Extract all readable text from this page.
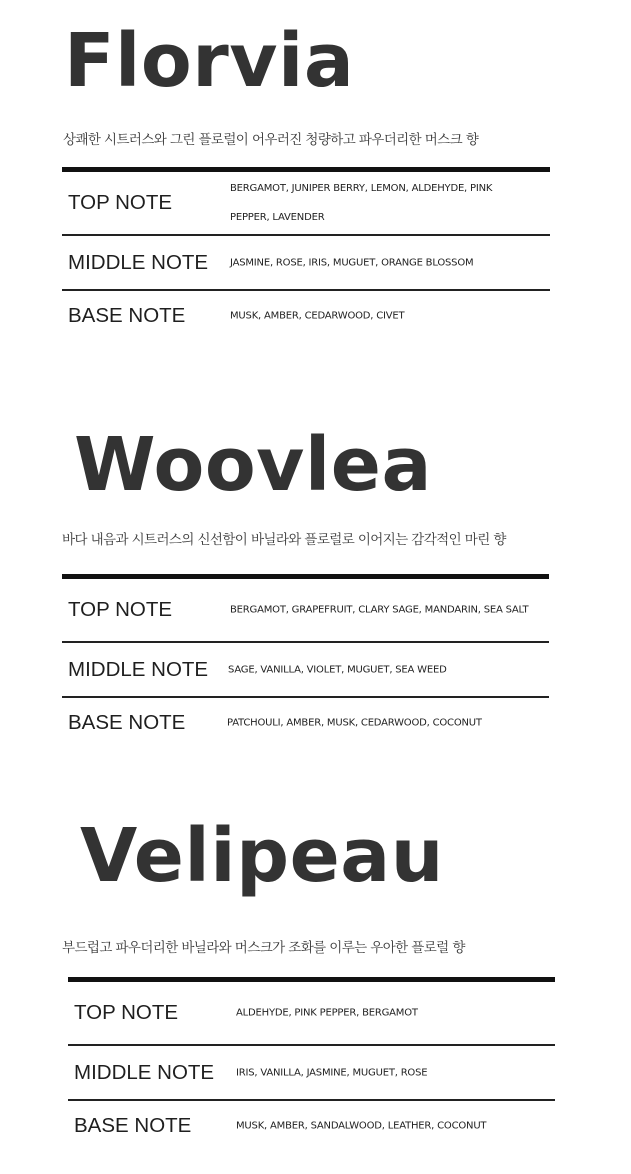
Florvia

상쾌한 시트러스와 그린 플로럴이 어우러진 청량하고 파우더리한 머스크 향

TOP NOTE
BERGAMOT, JUNIPER BERRY, LEMON, ALDEHYDE, PINK PEPPER, LAVENDER
MIDDLE NOTE JASMINE, ROSE, IRIS, MUGUET, ORANGE BLOSSOM
BASE NOTE	MUSK, AMBER, CEDARWOOD, CIVET
Woovlea

바다 내음과 시트러스의 신선함이 바닐라와 플로럴로 이어지는 감각적인 마린 향

TOP NOTE	BERGAMOT, GRAPEFRUIT, CLARY SAGE, MANDARIN, SEA SALT
MIDDLE NOTE SAGE, VANILLA, VIOLET, MUGUET, SEA WEED
BASE NOTE	PATCHOULI, AMBER, MUSK, CEDARWOOD, COCONUT
Velipeau

부드럽고 파우더리한 바닐라와 머스크가 조화를 이루는 우아한 플로럴 향

TOP NOTE	ALDEHYDE, PINK PEPPER, BERGAMOT
MIDDLE NOTE IRIS, VANILLA, JASMINE, MUGUET, ROSE
BASE NOTE	MUSK, AMBER, SANDALWOOD, LEATHER, COCONUT
